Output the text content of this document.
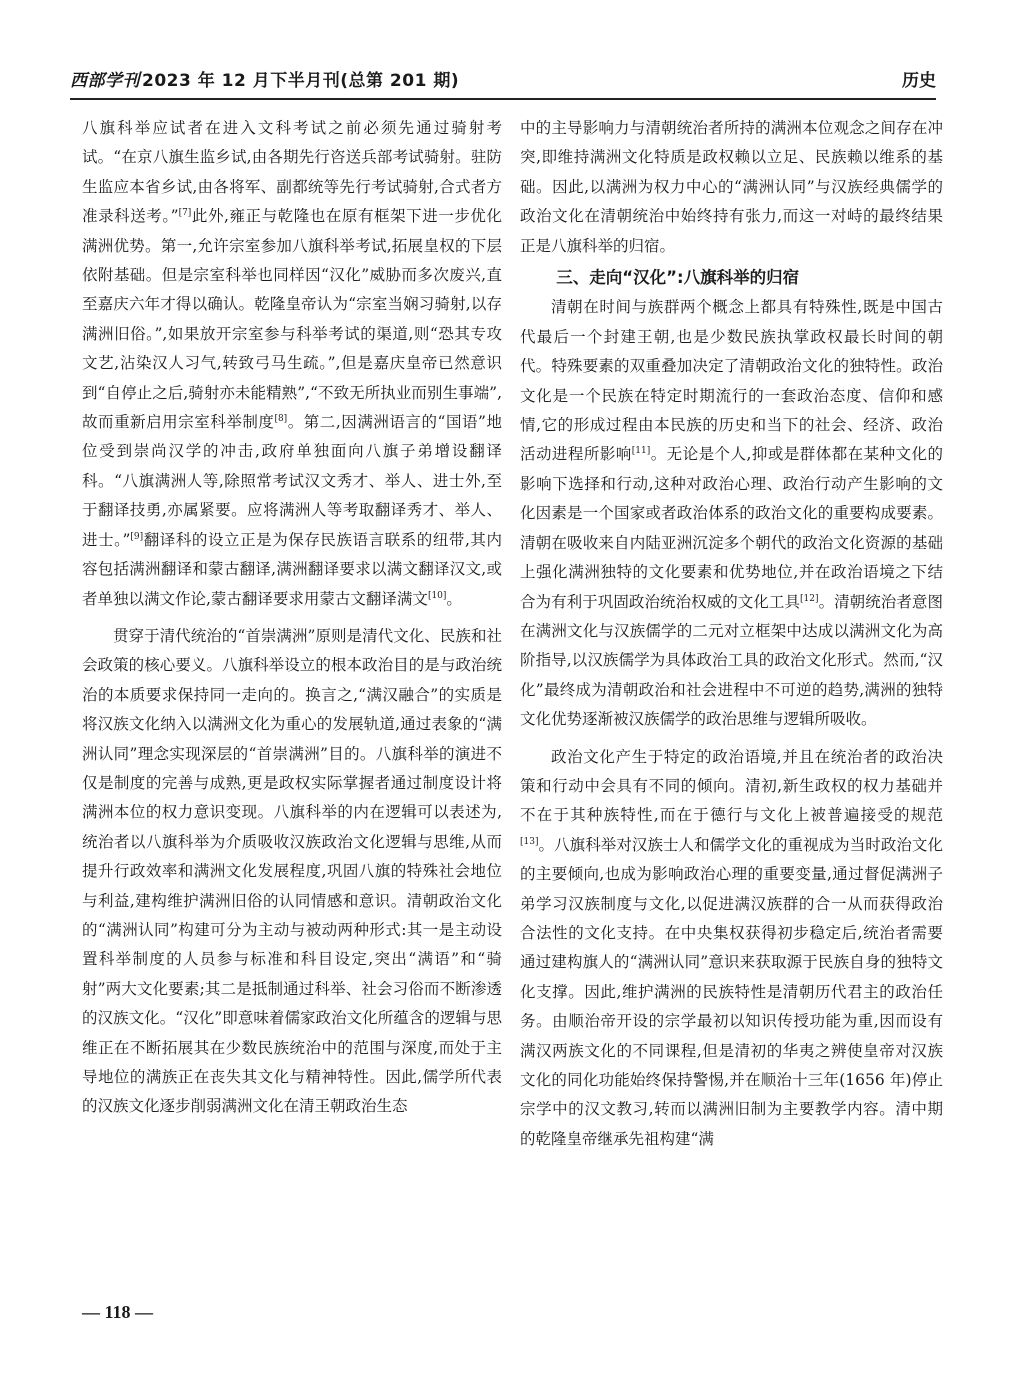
西部学刊 2023 年 12 月下半月刊(总第 201 期)	历史

八旗科举应试者在进入文科考试之前必须先通过骑射考试。“在京八旗生监乡试,由各期先行咨送兵部考试骑射。驻防生监应本省乡试,由各将军、副都统等先行考试骑射,合式者方准录科送考。”[7]此外,雍正与乾隆也在原有框架下进一步优化满洲优势。第一,允许宗室参加八旗科举考试,拓展皇权的下层依附基础。但是宗室科举也同样因“汉化”威胁而多次废兴,直至嘉庆六年才得以确认。乾隆皇帝认为“宗室当娴习骑射,以存满洲旧俗。”,如果放开宗室参与科举考试的渠道,则“恐其专攻文艺,沾染汉人习气,转致弓马生疏。”,但是嘉庆皇帝已然意识到“自停止之后,骑射亦未能精熟”,“不致无所执业而别生事端”,故而重新启用宗室科举制度[8]。第二,因满洲语言的“国语”地位受到崇尚汉学的冲击,政府单独面向八旗子弟增设翻译科。“八旗满洲人等,除照常考试汉文秀才、举人、进士外,至于翻译技勇,亦属紧要。应将满洲人等考取翻译秀才、举人、进士。”[9]翻译科的设立正是为保存民族语言联系的纽带,其内容包括满洲翻译和蒙古翻译,满洲翻译要求以满文翻译汉文,或者单独以满文作论,蒙古翻译要求用蒙古文翻译满文[10]。

贯穿于清代统治的“首崇满洲”原则是清代文化、民族和社会政策的核心要义。八旗科举设立的根本政治目的是与政治统治的本质要求保持同一走向的。换言之,“满汉融合”的实质是将汉族文化纳入以满洲文化为重心的发展轨道,通过表象的“满洲认同”理念实现深层的“首崇满洲”目的。八旗科举的演进不仅是制度的完善与成熟,更是政权实际掌握者通过制度设计将满洲本位的权力意识变现。八旗科举的内在逻辑可以表述为,统治者以八旗科举为介质吸收汉族政治文化逻辑与思维,从而提升行政效率和满洲文化发展程度,巩固八旗的特殊社会地位与利益,建构维护满洲旧俗的认同情感和意识。清朝政治文化的“满洲认同”构建可分为主动与被动两种形式:其一是主动设置科举制度的人员参与标准和科目设定,突出“满语”和“骑射”两大文化要素;其二是抵制通过科举、社会习俗而不断渗透的汉族文化。“汉化”即意味着儒家政治文化所蕴含的逻辑与思维正在不断拓展其在少数民族统治中的范围与深度,而处于主导地位的满族正在丧失其文化与精神特性。因此,儒学所代表的汉族文化逐步削弱满洲文化在清王朝政治生态

中的主导影响力与清朝统治者所持的满洲本位观念之间存在冲突,即维持满洲文化特质是政权赖以立足、民族赖以维系的基础。因此,以满洲为权力中心的“满洲认同”与汉族经典儒学的政治文化在清朝统治中始终持有张力,而这一对峙的最终结果正是八旗科举的归宿。

三、走向“汉化”:八旗科举的归宿

清朝在时间与族群两个概念上都具有特殊性,既是中国古代最后一个封建王朝,也是少数民族执掌政权最长时间的朝代。特殊要素的双重叠加决定了清朝政治文化的独特性。政治文化是一个民族在特定时期流行的一套政治态度、信仰和感情,它的形成过程由本民族的历史和当下的社会、经济、政治活动进程所影响[11]。无论是个人,抑或是群体都在某种文化的影响下选择和行动,这种对政治心理、政治行动产生影响的文化因素是一个国家或者政治体系的政治文化的重要构成要素。清朝在吸收来自内陆亚洲沉淀多个朝代的政治文化资源的基础上强化满洲独特的文化要素和优势地位,并在政治语境之下结合为有利于巩固政治统治权威的文化工具[12]。清朝统治者意图在满洲文化与汉族儒学的二元对立框架中达成以满洲文化为高阶指导,以汉族儒学为具体政治工具的政治文化形式。然而,“汉化”最终成为清朝政治和社会进程中不可逆的趋势,满洲的独特文化优势逐渐被汉族儒学的政治思维与逻辑所吸收。

政治文化产生于特定的政治语境,并且在统治者的政治决策和行动中会具有不同的倾向。清初,新生政权的权力基础并不在于其种族特性,而在于德行与文化上被普遍接受的规范[13]。八旗科举对汉族士人和儒学文化的重视成为当时政治文化的主要倾向,也成为影响政治心理的重要变量,通过督促满洲子弟学习汉族制度与文化,以促进满汉族群的合一从而获得政治合法性的文化支持。在中央集权获得初步稳定后,统治者需要通过建构旗人的“满洲认同”意识来获取源于民族自身的独特文化支撑。因此,维护满洲的民族特性是清朝历代君主的政治任务。由顺治帝开设的宗学最初以知识传授功能为重,因而设有满汉两族文化的不同课程,但是清初的华夷之辨使皇帝对汉族文化的同化功能始终保持警惕,并在顺治十三年(1656 年)停止宗学中的汉文教习,转而以满洲旧制为主要教学内容。清中期的乾隆皇帝继承先祖构建“满

— 118 —
